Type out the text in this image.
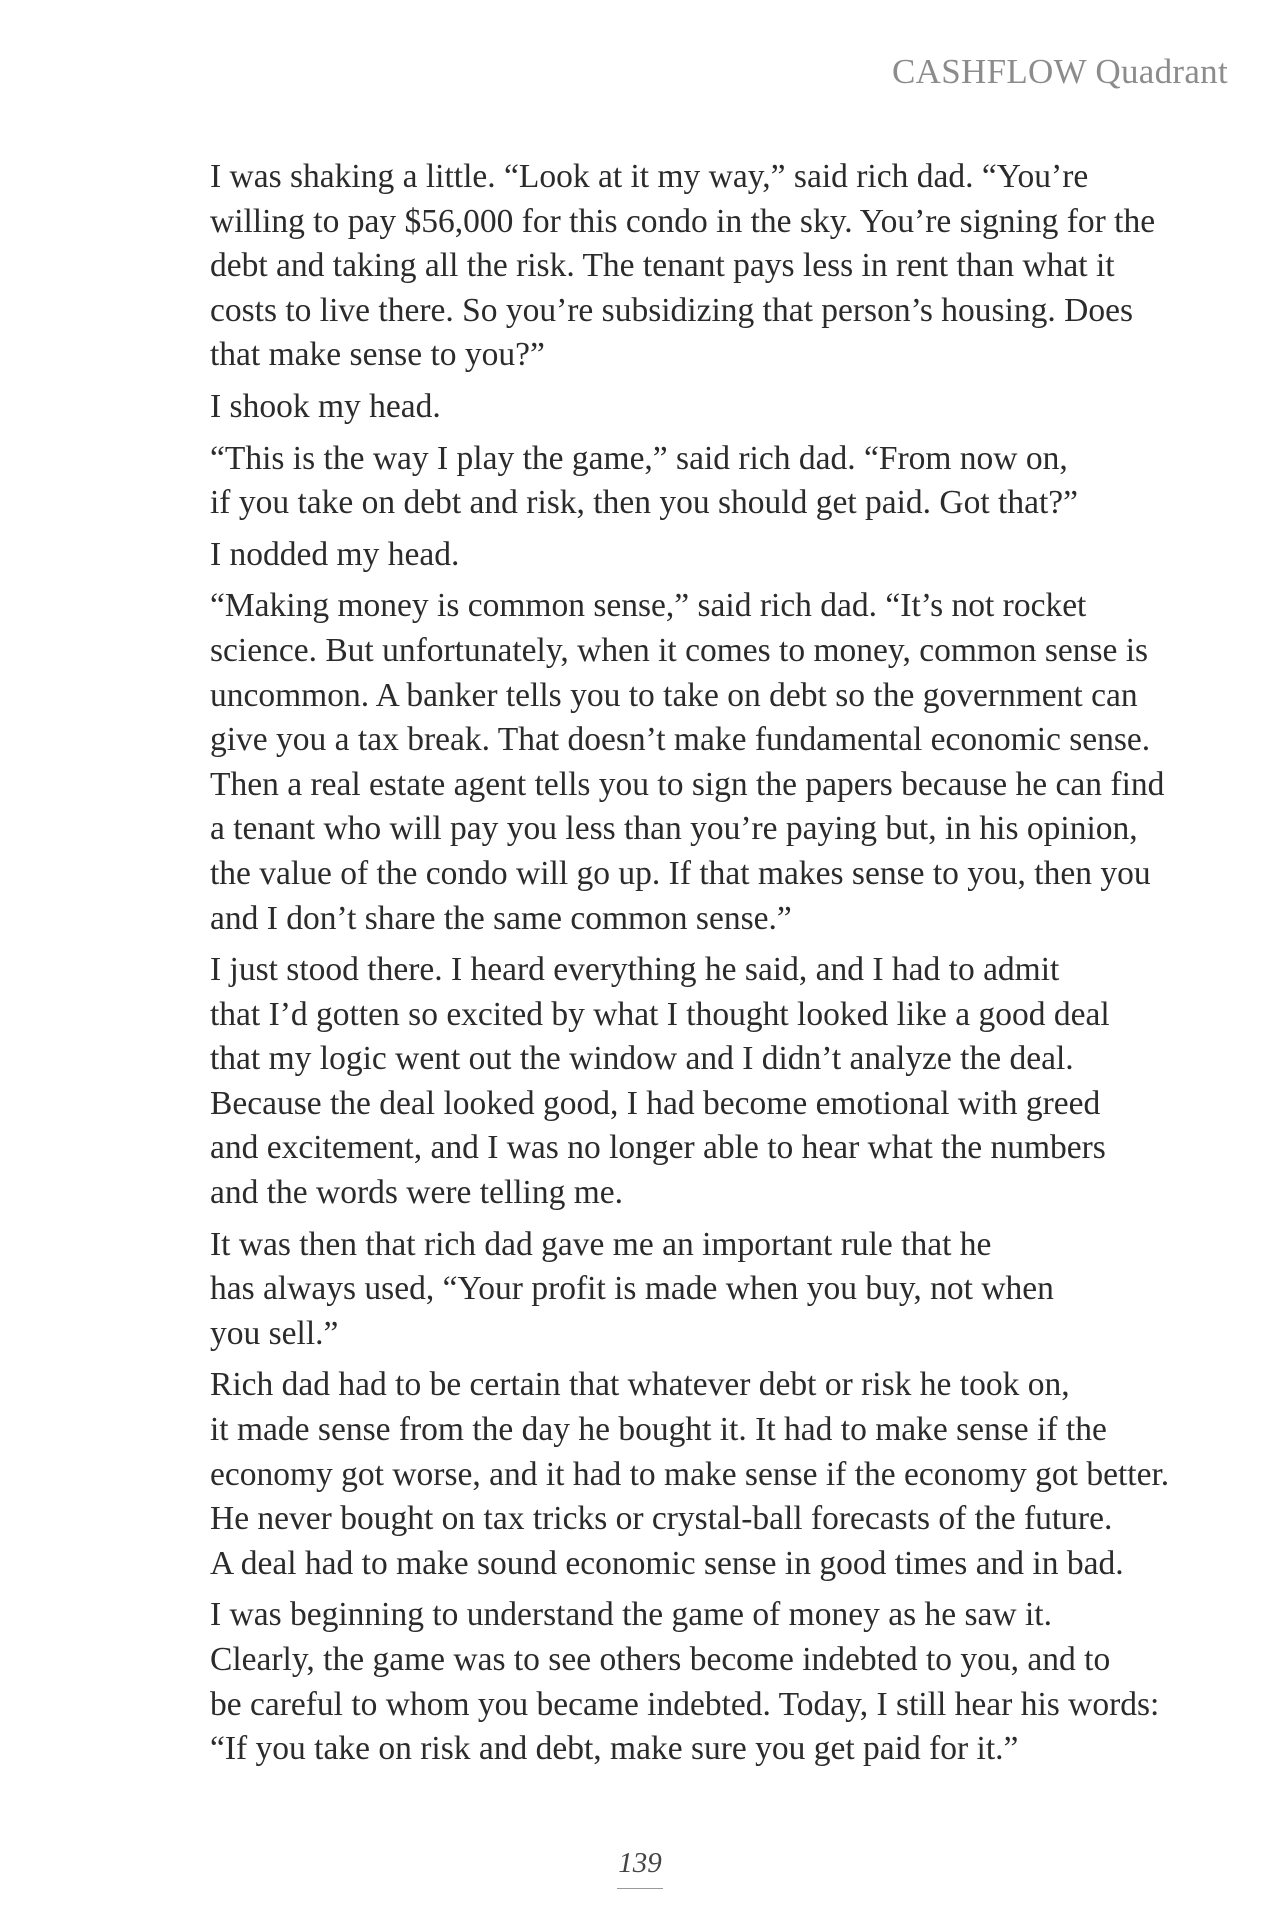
CASHFLOW Quadrant

I was shaking a little. “Look at it my way,” said rich dad. “You’re
willing to pay $56,000 for this condo in the sky. You’re signing for the
debt and taking all the risk. The tenant pays less in rent than what it
costs to live there. So you’re subsidizing that person’s housing. Does
that make sense to you?”

I shook my head.

“This is the way I play the game,” said rich dad. “From now on,
if you take on debt and risk, then you should get paid. Got that?”

I nodded my head.

“Making money is common sense,” said rich dad. “It’s not rocket
science. But unfortunately, when it comes to money, common sense is
uncommon. A banker tells you to take on debt so the government can
give you a tax break. That doesn’t make fundamental economic sense.
Then a real estate agent tells you to sign the papers because he can find
a tenant who will pay you less than you’re paying but, in his opinion,
the value of the condo will go up. If that makes sense to you, then you
and I don’t share the same common sense.”

I just stood there. I heard everything he said, and I had to admit
that I’d gotten so excited by what I thought looked like a good deal
that my logic went out the window and I didn’t analyze the deal.
Because the deal looked good, I had become emotional with greed
and excitement, and I was no longer able to hear what the numbers
and the words were telling me.

It was then that rich dad gave me an important rule that he
has always used, “Your profit is made when you buy, not when
you sell.”

Rich dad had to be certain that whatever debt or risk he took on,
it made sense from the day he bought it. It had to make sense if the
economy got worse, and it had to make sense if the economy got better.
He never bought on tax tricks or crystal-ball forecasts of the future.
A deal had to make sound economic sense in good times and in bad.

I was beginning to understand the game of money as he saw it.
Clearly, the game was to see others become indebted to you, and to
be careful to whom you became indebted. Today, I still hear his words:
“If you take on risk and debt, make sure you get paid for it.”

139
